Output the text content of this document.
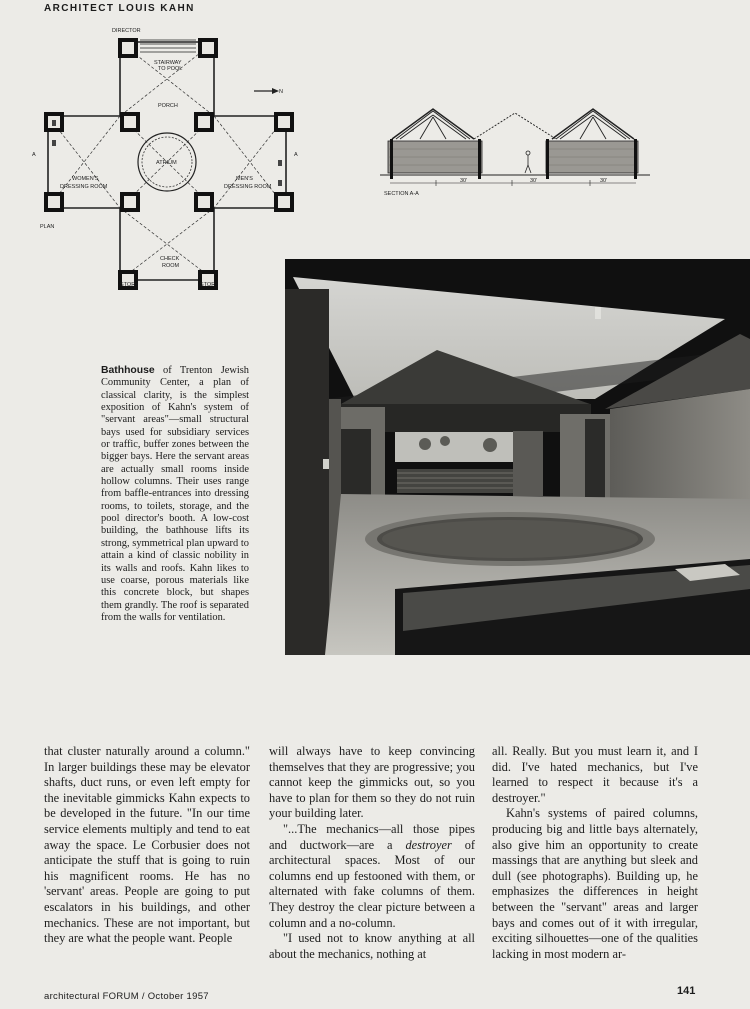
ARCHITECT LOUIS KAHN
DIRECTOR
STAIRWAY
TO POOL
PORCH
ATRIUM
WOMEN'S
DRESSING ROOM
MEN'S
DRESSING ROOM
CHECK
ROOM
STOR	STOR
PLAN
A	A
N
30'	30'	30'
SECTION A-A
Bathhouse of Trenton Jewish Community Center, a plan of classical clarity, is the simplest exposition of Kahn's system of "servant areas"—small structural bays used for subsidiary services or traffic, buffer zones between the bigger bays. Here the servant areas are actually small rooms inside hollow columns. Their uses range from baffle-entrances into dressing rooms, to toilets, storage, and the pool director's booth. A low-cost building, the bathhouse lifts its strong, symmetrical plan upward to attain a kind of classic nobility in its walls and roofs. Kahn likes to use coarse, porous materials like this concrete block, but shapes them grandly. The roof is separated from the walls for ventilation.

that cluster naturally around a column." In larger buildings these may be elevator shafts, duct runs, or even left empty for the inevitable gimmicks Kahn expects to be developed in the future. "In our time service elements multiply and tend to eat away the space. Le Corbusier does not anticipate the stuff that is going to ruin his magnificent rooms. He has no 'servant' areas. People are going to put escalators in his buildings, and other mechanics. These are not important, but they are what the people want. People

will always have to keep convincing themselves that they are progressive; you cannot keep the gimmicks out, so you have to plan for them so they do not ruin your building later.

"...The mechanics—all those pipes and ductwork—are a destroyer of architectural spaces. Most of our columns end up festooned with them, or alternated with fake columns of them. They destroy the clear picture between a column and a no-column.

"I used not to know anything at all about the mechanics, nothing at

all. Really. But you must learn it, and I did. I've hated mechanics, but I've learned to respect it because it's a destroyer."

Kahn's systems of paired columns, producing big and little bays alternately, also give him an opportunity to create massings that are anything but sleek and dull (see photographs). Building up, he emphasizes the differences in height between the "servant" areas and larger bays and comes out of it with irregular, exciting silhouettes—one of the qualities lacking in most modern ar-

architectural FORUM / October 1957	141
